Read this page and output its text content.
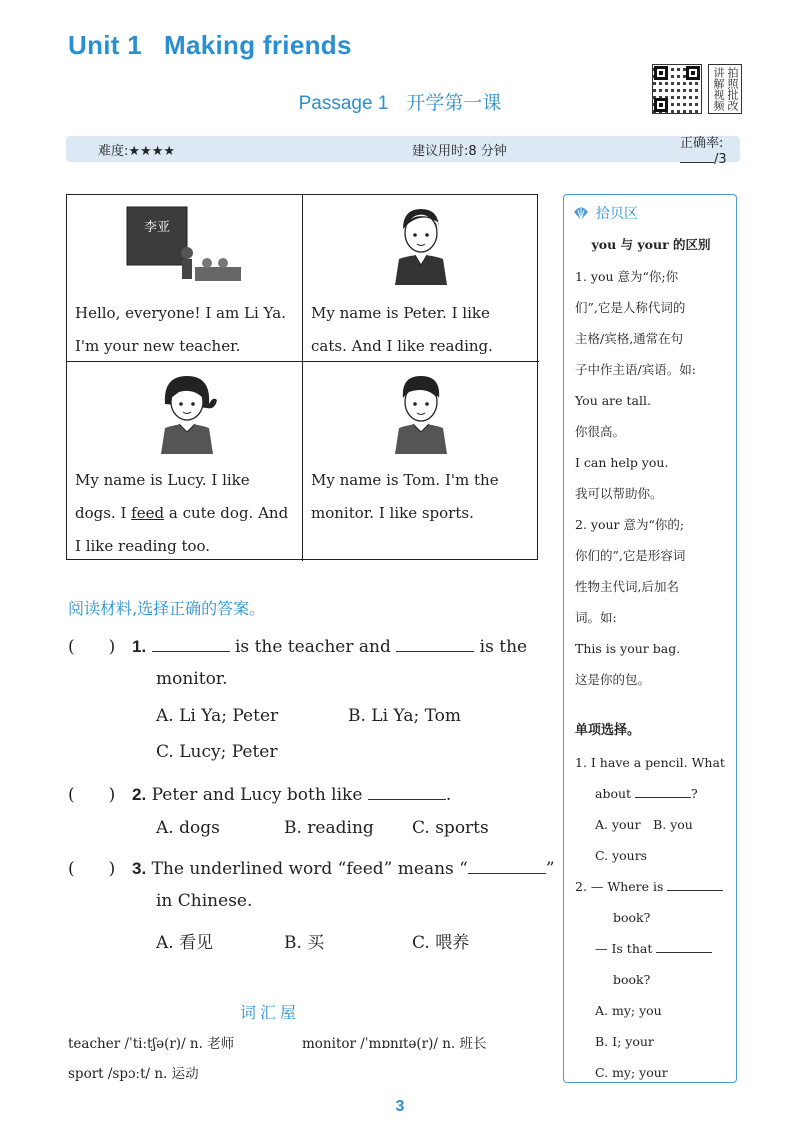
Unit 1 Making friends
Passage 1 开学第一课
拍照批改
讲解视频
难度:★★★★	建议用时:8 分钟
正确率:/3
李亚
Hello, everyone! I am Li Ya.
I'm your new teacher.
My name is Peter. I like
cats. And I like reading.
My name is Lucy. I like
dogs. I feed a cute dog. And
I like reading too.
My name is Tom. I'm the
monitor. I like sports.
阅读材料,选择正确的答案。
(　　) 1.	is the teacher and	is the
monitor.
A. Li Ya; Peter	B. Li Ya; Tom
C. Lucy; Peter
(　　) 2. Peter and Lucy both like	.
A. dogs	B. reading C. sports
(　　) 3. The underlined word “feed” means “	”
in Chinese.
A. 看见	B. 买	C. 喂养
词汇屋
teacher /ˈtiːtʃə(r)/ n. 老师	monitor /ˈmɒnɪtə(r)/ n. 班长
sport /spɔːt/ n. 运动
拾贝区
you 与 your 的区别
1. you 意为“你;你
们”,它是人称代词的
主格/宾格,通常在句
子中作主语/宾语。如:
You are tall.
你很高。
I can help you.
我可以帮助你。
2. your 意为“你的;
你们的”,它是形容词
性物主代词,后加名
词。如:
This is your bag.
这是你的包。
单项选择。
1. I have a pencil. What
about	?
A. your　B. you
C. yours
2. — Where is
book?
— Is that
book?
A. my; you
B. I; your
C. my; your
3
